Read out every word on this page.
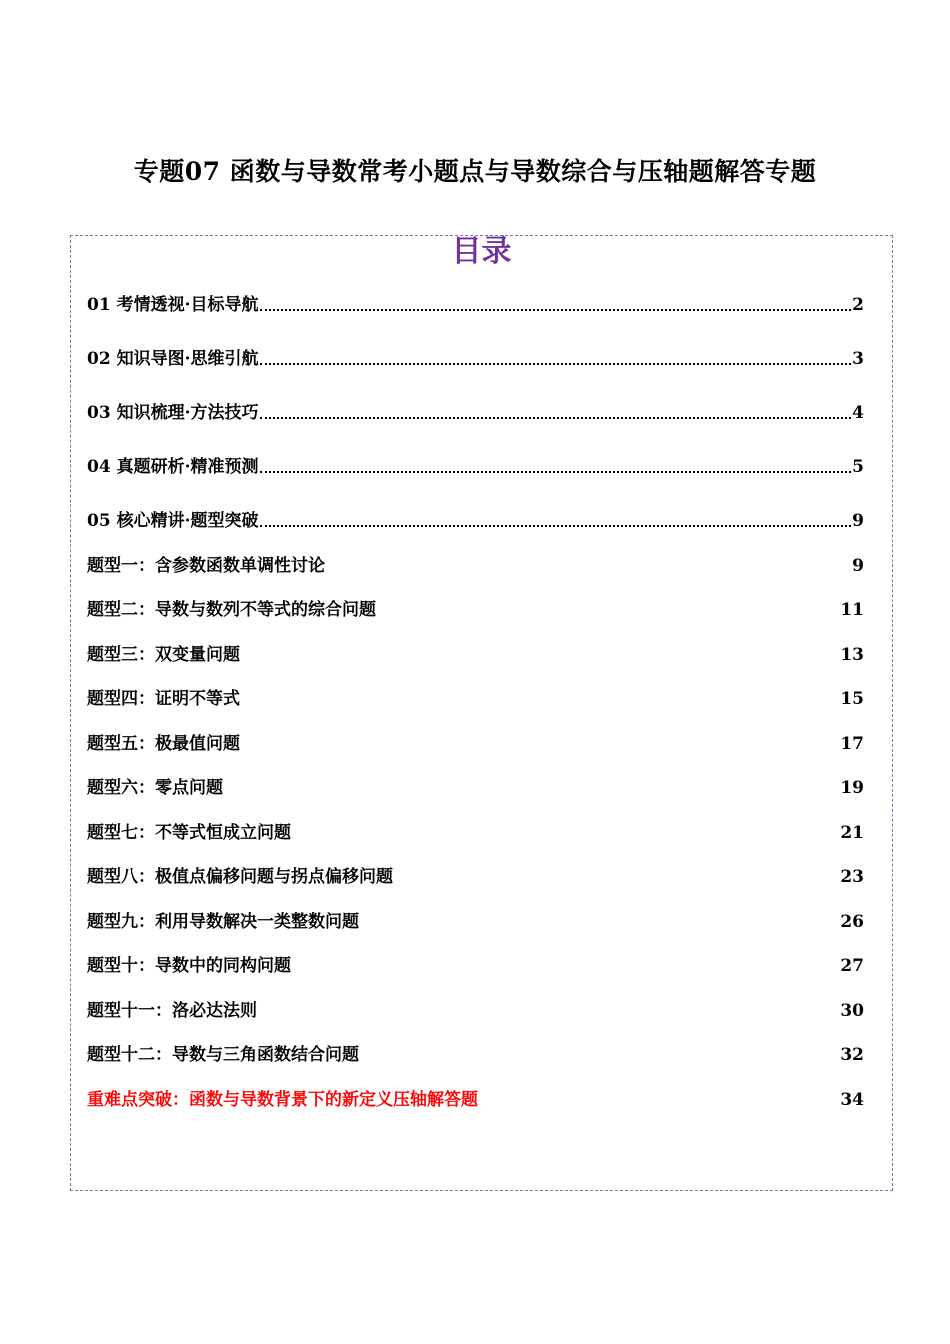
专题07 函数与导数常考小题点与导数综合与压轴题解答专题
目录
01 考情透视·目标导航	2
02 知识导图·思维引航	3
03 知识梳理·方法技巧	4
04 真题研析·精准预测	5
05 核心精讲·题型突破	9
题型一：含参数函数单调性讨论	9
题型二：导数与数列不等式的综合问题	11
题型三：双变量问题	13
题型四：证明不等式	15
题型五：极最值问题	17
题型六：零点问题	19
题型七：不等式恒成立问题	21
题型八：极值点偏移问题与拐点偏移问题	23
题型九：利用导数解决一类整数问题	26
题型十：导数中的同构问题	27
题型十一：洛必达法则	30
题型十二：导数与三角函数结合问题	32
重难点突破：函数与导数背景下的新定义压轴解答题	34
